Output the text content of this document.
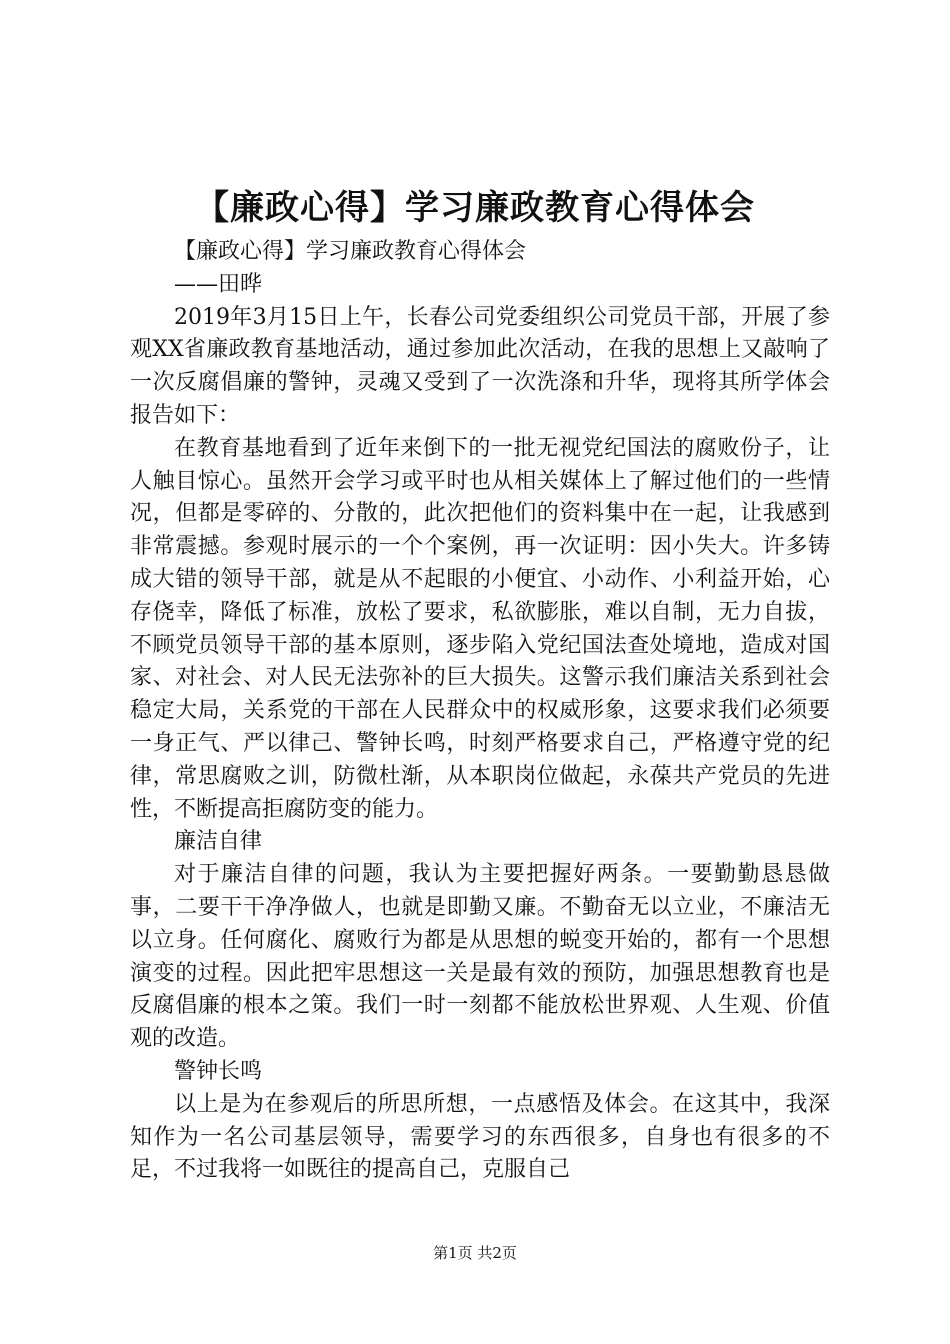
【廉政心得】学习廉政教育心得体会

【廉政心得】学习廉政教育心得体会

——田晔

2019年3月15日上午，长春公司党委组织公司党员干部，开展了参观XX省廉政教育基地活动，通过参加此次活动，在我的思想上又敲响了一次反腐倡廉的警钟，灵魂又受到了一次洗涤和升华，现将其所学体会报告如下：

在教育基地看到了近年来倒下的一批无视党纪国法的腐败份子，让人触目惊心。虽然开会学习或平时也从相关媒体上了解过他们的一些情况，但都是零碎的、分散的，此次把他们的资料集中在一起，让我感到非常震撼。参观时展示的一个个案例，再一次证明：因小失大。许多铸成大错的领导干部，就是从不起眼的小便宜、小动作、小利益开始，心存侥幸，降低了标准，放松了要求，私欲膨胀，难以自制，无力自拔，不顾党员领导干部的基本原则，逐步陷入党纪国法查处境地，造成对国家、对社会、对人民无法弥补的巨大损失。这警示我们廉洁关系到社会稳定大局，关系党的干部在人民群众中的权威形象，这要求我们必须要一身正气、严以律己、警钟长鸣，时刻严格要求自己，严格遵守党的纪律，常思腐败之训，防微杜渐，从本职岗位做起，永葆共产党员的先进性，不断提高拒腐防变的能力。

廉洁自律

对于廉洁自律的问题，我认为主要把握好两条。一要勤勤恳恳做事，二要干干净净做人，也就是即勤又廉。不勤奋无以立业，不廉洁无以立身。任何腐化、腐败行为都是从思想的蜕变开始的，都有一个思想演变的过程。因此把牢思想这一关是最有效的预防，加强思想教育也是反腐倡廉的根本之策。我们一时一刻都不能放松世界观、人生观、价值观的改造。

警钟长鸣

以上是为在参观后的所思所想，一点感悟及体会。在这其中，我深知作为一名公司基层领导，需要学习的东西很多，自身也有很多的不足，不过我将一如既往的提高自己，克服自己

第1页 共2页
